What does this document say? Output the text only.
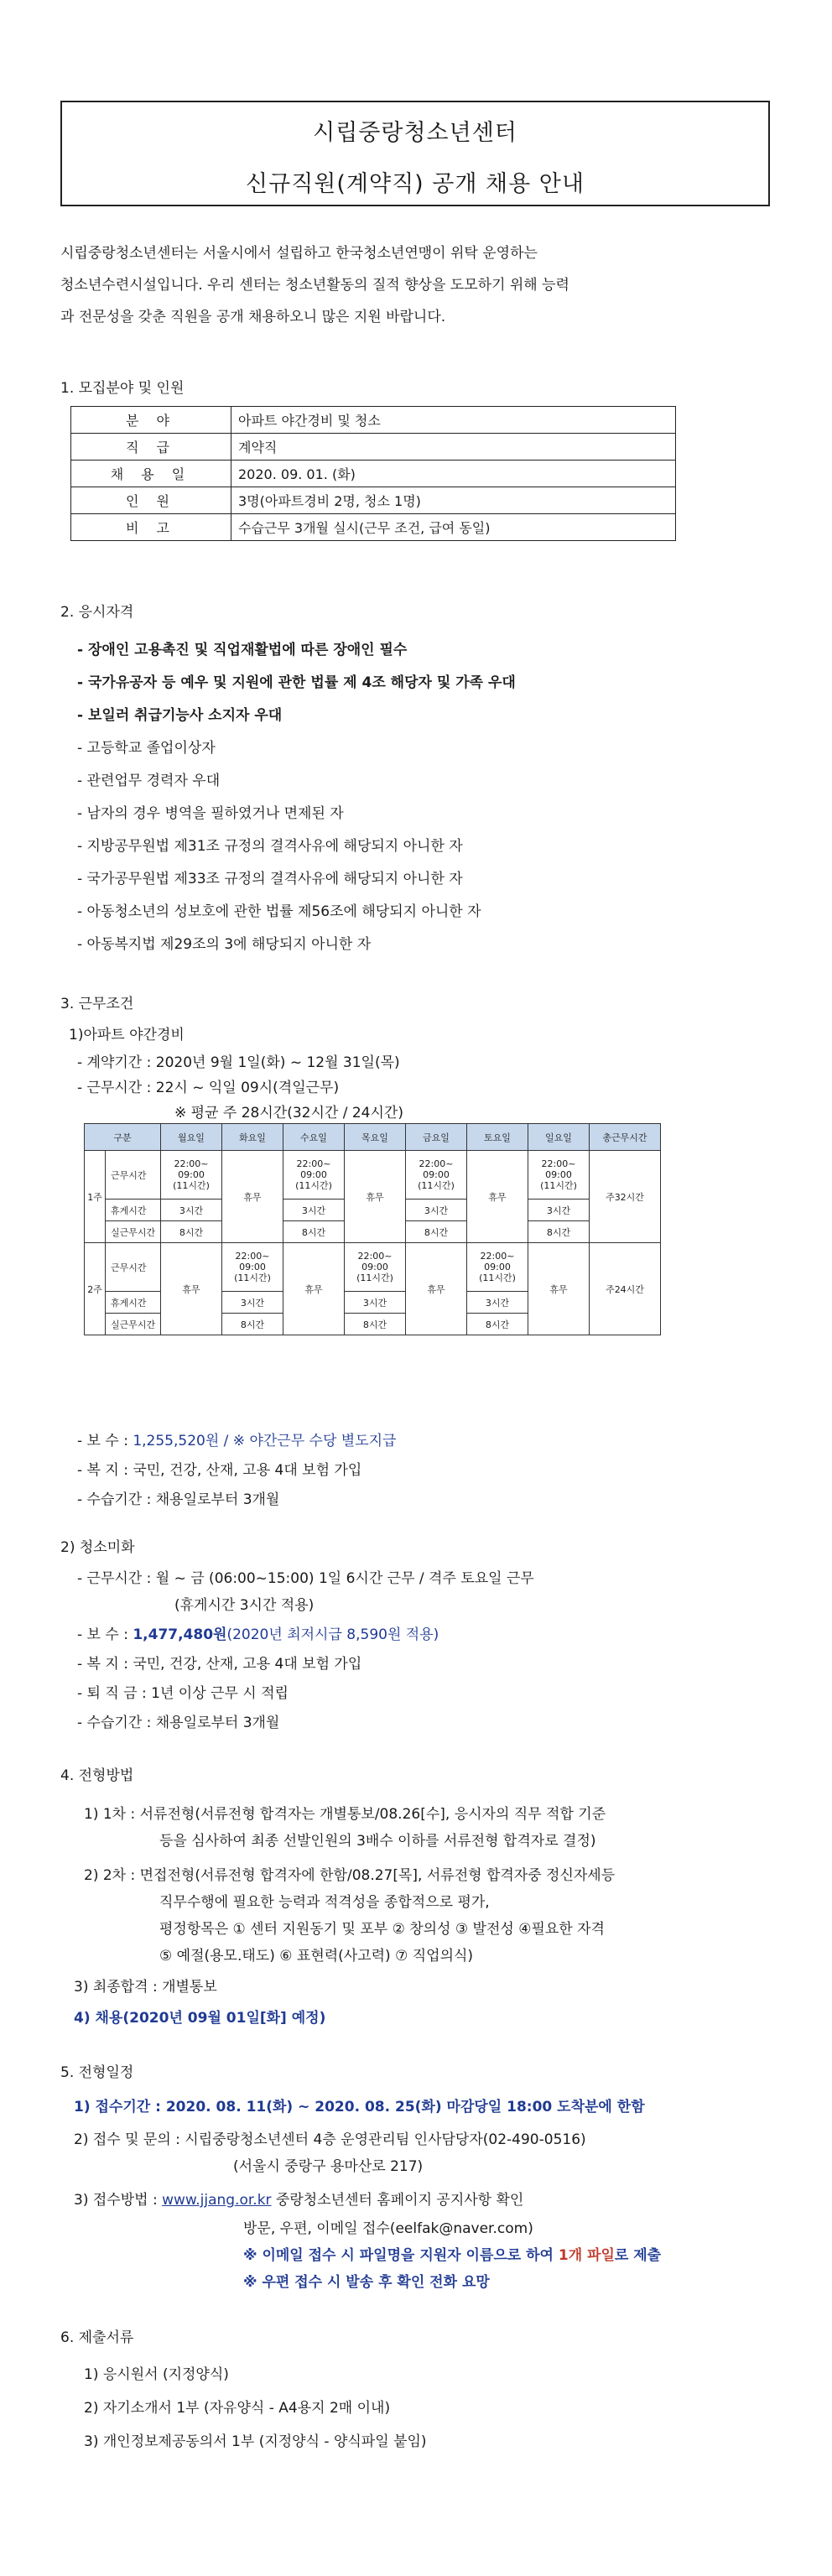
시립중랑청소년센터
신규직원(계약직) 공개 채용 안내
시립중랑청소년센터는 서울시에서 설립하고 한국청소년연맹이 위탁 운영하는
청소년수련시설입니다. 우리 센터는 청소년활동의 질적 향상을 도모하기 위해 능력
과 전문성을 갖춘 직원을 공개 채용하오니 많은 지원 바랍니다.
1. 모집분야 및 인원
분 야	아파트 야간경비 및 청소
직 급	계약직
채 용 일	2020. 09. 01. (화)
인 원	3명(아파트경비 2명, 청소 1명)
비 고	수습근무 3개월 실시(근무 조건, 급여 동일)
2. 응시자격
- 장애인 고용촉진 및 직업재활법에 따른 장애인 필수
- 국가유공자 등 예우 및 지원에 관한 법률 제 4조 해당자 및 가족 우대
- 보일러 취급기능사 소지자 우대
- 고등학교 졸업이상자
- 관련업무 경력자 우대
- 남자의 경우 병역을 필하였거나 면제된 자
- 지방공무원법 제31조 규정의 결격사유에 해당되지 아니한 자
- 국가공무원법 제33조 규정의 결격사유에 해당되지 아니한 자
- 아동청소년의 성보호에 관한 법률 제56조에 해당되지 아니한 자
- 아동복지법 제29조의 3에 해당되지 아니한 자
3. 근무조건
1)아파트 야간경비
- 계약기간 : 2020년 9월 1일(화) ~ 12월 31일(목)
- 근무시간 : 22시 ~ 익일 09시(격일근무)
※ 평균 주 28시간(32시간 / 24시간)
구분		월요일	화요일	수요일	목요일	금요일	토요일	일요일	총근무시간
1주	근무시간	22:00~
09:00
(11시간)	휴무	22:00~
09:00
(11시간)	휴무	22:00~
09:00
(11시간)	휴무	22:00~
09:00
(11시간)	주32시간
	휴게시간	3시간		3시간		3시간		3시간	
	실근무시간	8시간		8시간		8시간		8시간	
2주	근무시간	휴무	22:00~
09:00
(11시간)	휴무	22:00~
09:00
(11시간)	휴무	22:00~
09:00
(11시간)	휴무	주24시간
	휴게시간		3시간		3시간		3시간		
	실근무시간		8시간		8시간		8시간		
- 보 수 : 1,255,520원 / ※ 야간근무 수당 별도지급
- 복 지 : 국민, 건강, 산재, 고용 4대 보험 가입
- 수습기간 : 채용일로부터 3개월
2) 청소미화
- 근무시간 : 월 ~ 금 (06:00~15:00) 1일 6시간 근무 / 격주 토요일 근무
(휴게시간 3시간 적용)
- 보 수 : 1,477,480원(2020년 최저시급 8,590원 적용)
- 복 지 : 국민, 건강, 산재, 고용 4대 보험 가입
- 퇴 직 금 : 1년 이상 근무 시 적립
- 수습기간 : 채용일로부터 3개월
4. 전형방법
1) 1차 : 서류전형(서류전형 합격자는 개별통보/08.26[수], 응시자의 직무 적합 기준
등을 심사하여 최종 선발인원의 3배수 이하를 서류전형 합격자로 결정)
2) 2차 : 면접전형(서류전형 합격자에 한함/08.27[목], 서류전형 합격자중 정신자세등
직무수행에 필요한 능력과 적격성을 종합적으로 평가,
평정항목은 ① 센터 지원동기 및 포부 ② 창의성 ③ 발전성 ④필요한 자격
⑤ 예절(용모.태도) ⑥ 표현력(사고력) ⑦ 직업의식)
3) 최종합격 : 개별통보
4) 채용(2020년 09월 01일[화] 예정)
5. 전형일정
1) 접수기간 : 2020. 08. 11(화) ~ 2020. 08. 25(화) 마감당일 18:00 도착분에 한함
2) 접수 및 문의 : 시립중랑청소년센터 4층 운영관리팀 인사담당자(02-490-0516)
(서울시 중랑구 용마산로 217)
3) 접수방법 : www.jjang.or.kr 중랑청소년센터 홈페이지 공지사항 확인
방문, 우편, 이메일 접수(eelfak@naver.com)
※ 이메일 접수 시 파일명을 지원자 이름으로 하여 1개 파일로 제출
※ 우편 접수 시 발송 후 확인 전화 요망
6. 제출서류
1) 응시원서 (지정양식)
2) 자기소개서 1부 (자유양식 - A4용지 2매 이내)
3) 개인정보제공동의서 1부 (지정양식 - 양식파일 붙임)
